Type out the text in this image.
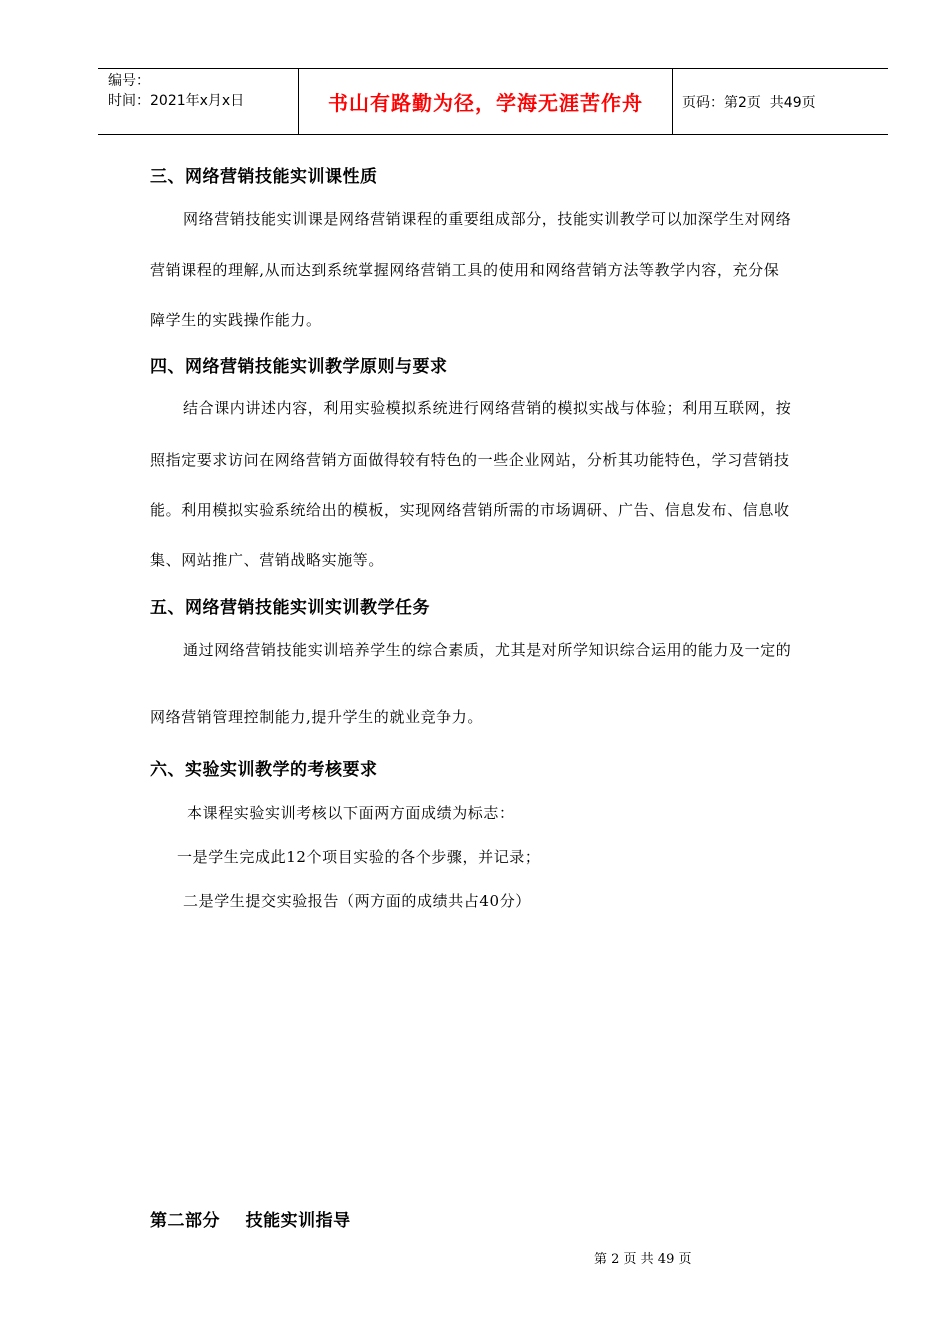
编号：
时间：2021年x月x日	书山有路勤为径，学海无涯苦作舟	页码：第2页  共49页
三、网络营销技能实训课性质
网络营销技能实训课是网络营销课程的重要组成部分，技能实训教学可以加深学生对网络
营销课程的理解,从而达到系统掌握网络营销工具的使用和网络营销方法等教学内容，充分保
障学生的实践操作能力。
四、网络营销技能实训教学原则与要求
结合课内讲述内容，利用实验模拟系统进行网络营销的模拟实战与体验；利用互联网，按
照指定要求访问在网络营销方面做得较有特色的一些企业网站，分析其功能特色，学习营销技
能。利用模拟实验系统给出的模板，实现网络营销所需的市场调研、广告、信息发布、信息收
集、网站推广、营销战略实施等。
五、网络营销技能实训实训教学任务
通过网络营销技能实训培养学生的综合素质，尤其是对所学知识综合运用的能力及一定的
网络营销管理控制能力,提升学生的就业竞争力。
六、实验实训教学的考核要求
本课程实验实训考核以下面两方面成绩为标志：
一是学生完成此12个项目实验的各个步骤，并记录；
二是学生提交实验报告（两方面的成绩共占40分）
第二部分    技能实训指导
第 2 页 共 49 页
